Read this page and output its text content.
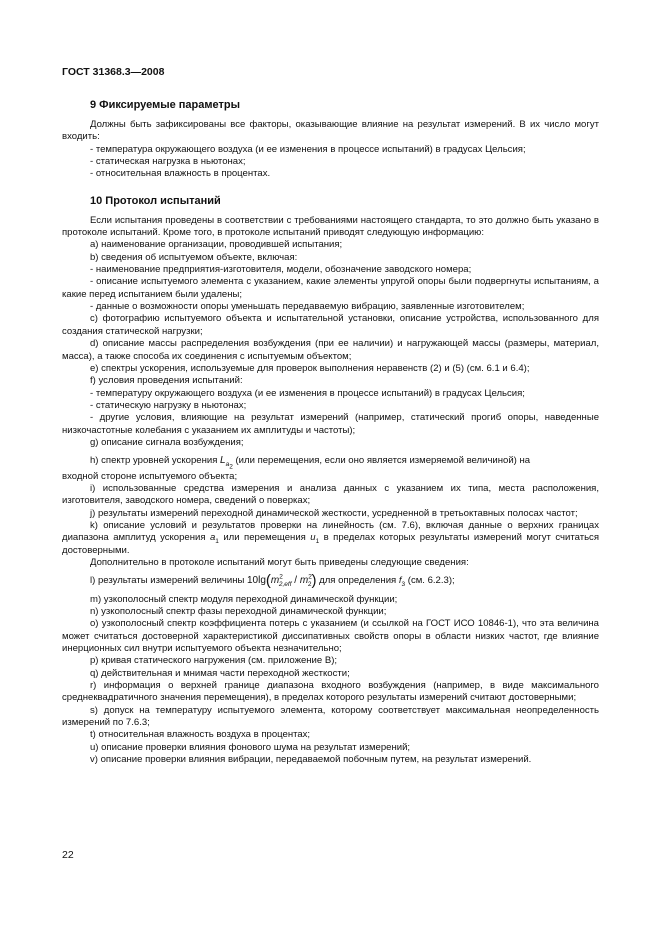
ГОСТ 31368.3—2008
9 Фиксируемые параметры

Должны быть зафиксированы все факторы, оказывающие влияние на результат измерений. В их число могут входить:

- температура окружающего воздуха (и ее изменения в процессе испытаний) в градусах Цельсия;

- статическая нагрузка в ньютонах;

- относительная влажность в процентах.

10 Протокол испытаний

Если испытания проведены в соответствии с требованиями настоящего стандарта, то это должно быть указано в протоколе испытаний. Кроме того, в протоколе испытаний приводят следующую информацию:

a) наименование организации, проводившей испытания;

b) сведения об испытуемом объекте, включая:

- наименование предприятия-изготовителя, модели, обозначение заводского номера;

- описание испытуемого элемента с указанием, какие элементы упругой опоры были подвергнуты испытаниям, а какие перед испытанием были удалены;

- данные о возможности опоры уменьшать передаваемую вибрацию, заявленные изготовителем;

c) фотографию испытуемого объекта и испытательной установки, описание устройства, использованного для создания статической нагрузки;

d) описание массы распределения возбуждения (при ее наличии) и нагружающей массы (размеры, материал, масса), а также способа их соединения с испытуемым объектом;

e) спектры ускорения, используемые для проверок выполнения неравенств (2) и (5) (см. 6.1 и 6.4);

f) условия проведения испытаний:

- температуру окружающего воздуха (и ее изменения в процессе испытаний) в градусах Цельсия;

- статическую нагрузку в ньютонах;

- другие условия, влияющие на результат измерений (например, статический прогиб опоры, наведенные низкочастотные колебания с указанием их амплитуды и частоты);

g) описание сигнала возбуждения;

h) спектр уровней ускорения $L_{a_2}$ (или перемещения, если оно является измеряемой величиной) на

входной стороне испытуемого объекта;

i) использованные средства измерения и анализа данных с указанием их типа, места расположения, изготовителя, заводского номера, сведений о поверках;

j) результаты измерений переходной динамической жесткости, усредненной в третьоктавных полосах частот;

k) описание условий и результатов проверки на линейность (см. 7.6), включая данные о верхних границах диапазона амплитуд ускорения $a_1$ или перемещения $u_1$ в пределах которых результаты измерений могут считаться достоверными.

Дополнительно в протоколе испытаний могут быть приведены следующие сведения:

l) результаты измерений величины $10\lg(m^2_{2,eff} / m^2_2)$ для определения $f_3$ (см. 6.2.3);

m) узкополосный спектр модуля переходной динамической функции;

n) узкополосный спектр фазы переходной динамической функции;

o) узкополосный спектр коэффициента потерь с указанием (и ссылкой на ГОСТ ИСО 10846-1), что эта величина может считаться достоверной характеристикой диссипативных свойств опоры в области низких частот, где влияние инерционных сил внутри испытуемого объекта незначительно;

p) кривая статического нагружения (см. приложение В);

q) действительная и мнимая части переходной жесткости;

r) информация о верхней границе диапазона входного возбуждения (например, в виде максимального среднеквадратичного значения перемещения), в пределах которого результаты измерений считают достоверными;

s) допуск на температуру испытуемого элемента, которому соответствует максимальная неопределенность измерений по 7.6.3;

t) относительная влажность воздуха в процентах;

u) описание проверки влияния фонового шума на результат измерений;

v) описание проверки влияния вибрации, передаваемой побочным путем, на результат измерений.

22
